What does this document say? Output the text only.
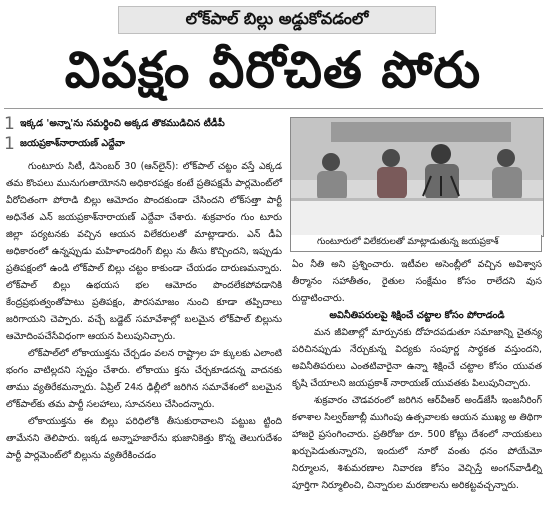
లోక్‌పాల్ బిల్లు అడ్డుకోవడంలో
విపక్షం వీరోచిత పోరు
1 ఇక్కడ 'అన్నా'ను సమర్థించి అక్కడ తొకముడిచిన టీడీపీ
1 జయప్రకాశ్‌నారాయణ్ ఎద్దేవా
గుంటూరులో విలేకరులతో మాట్లాడుతున్న జయప్రకాశ్

గుంటూరు సిటీ, డిసెంబర్ 30 (ఆన్‌లైన్): లోక్‌పాల్ చట్టం వస్తే ఎక్కడ తమ కొంపలు మునుగుతాయోనని అధికారపక్షం కంటే ప్రతిపక్షమే పార్లమెంట్‌లో వీరోచితంగా పోరాడి బిల్లు ఆమోదం పొందకుండా చేసిందని లోక్‌సత్తా పార్టీ అధినేత ఎన్ జయప్రకాశ్‌నారాయణ్ ఎద్దేవా చేశారు. శుక్రవారం గుం టూరు జిల్లా పర్యటనకు వచ్చిన ఆయన విలేకరులతో మాట్లాడారు. ఎన్ డీఏ అధికారంలో ఉన్నప్పుడు మహిళాండరింగ్ బిల్లు ను తీసు కొచ్చిందని, ఇప్పుడు ప్రతిపక్షంలో ఉండి లోక్‌పాల్ బిల్లు చట్టం కాకుండా చేయడం దారుణమన్నారు. లోక్‌పాల్ బిల్లు ఉభయస భల ఆమోదం పొందలేకపోవడానికి కేంద్రప్రభుత్వంతోపాటు ప్రతిపక్షం, పౌరసమాజం నుంచి కూడా తప్పిదాలు జరిగాయని చెప్పారు. వచ్చే బడ్జెట్ సమావేశాల్లో బలమైన లోక్‌పాల్ బిల్లును ఆమోదింపచేసేవిధంగా ఆయన పిలుపునిచ్చారు.

లోక్‌పాల్‌లో లోకాయుక్తను చేర్చడం వలన రాష్ట్రాల హ క్కులకు ఎలాంటి భంగం వాటిల్లదని స్పష్టం చేశారు. లోకాయు క్తను చేర్చకూడదన్న వాదనకు తాము వ్యతిరేకమన్నారు. ఏప్రిల్ 24న ఢిల్లీలో జరిగిన సమావేశంలో బలమైన లోక్‌పాల్‌కు తమ పార్టీ సలహాలు, సూచనలు చేసిందన్నారు.

లోకాయుక్తను ఈ బిల్లు పరిధిలోకి తీసుకురావాలని పట్టుబ ట్టింది తామేనని తెలిపారు. ఇక్కడ అన్నాహజారేను భుజానికెత్తు కొన్న తెలుగుదేశం పార్టీ పార్లమెంట్‌లో బిల్లును వ్యతిరేకించడం

ఏం నీతి అని ప్రశ్నించారు. ఇటీవల అసెంబ్లీలో వచ్చిన అవిశ్వాస తీర్మానం సహాతీతం, రైతుల సంక్షేమం కోసం రాలేదని వుస రుద్దాటించారు.

అవినీతిపరులపై శిక్షించే చట్టాల కోసం పోరాడండి

మన జీవితాల్లో మార్పునకు దోహదపడుతూ సమాజాన్ని చైతన్య పరిచినప్పుడు నేర్చుకున్న విద్యకు సంపూర్ణ సార్థకత వస్తుందని, అవినీతిపరులు ఎంతటివారైనా ఉన్నా శిక్షించే చట్టాల కోసం యువత కృషి చేయాలని జయప్రకాశ్ నారాయణ్ యువతకు పిలుపునిచ్చారు.

శుక్రవారం చౌడవరంలో జరిగిన ఆర్‌వీఆర్ అండ్‌జేసీ ఇంజనీరింగ్ కళాశాల సిల్వర్‌జూబ్లీ ముగింపు ఉత్సవాలకు ఆయన ముఖ్య అ తిథిగా హాజరై ప్రసంగించారు. ప్రతిరోజు రూ. 500 కోట్లు దేశంలో నాయకులు ఖర్చుపెడుతున్నారని, ఇందులో నూరో వంతు ధనం పోయేమో నిర్మూలన, శిశుమరణాల నివారణ కోసం వెచ్చిస్తే అంగన్‌వాడీల్ని పూర్తిగా నిర్మూలించి, చిన్నారుల మరణాలను అరికట్టవచ్చన్నారు.
